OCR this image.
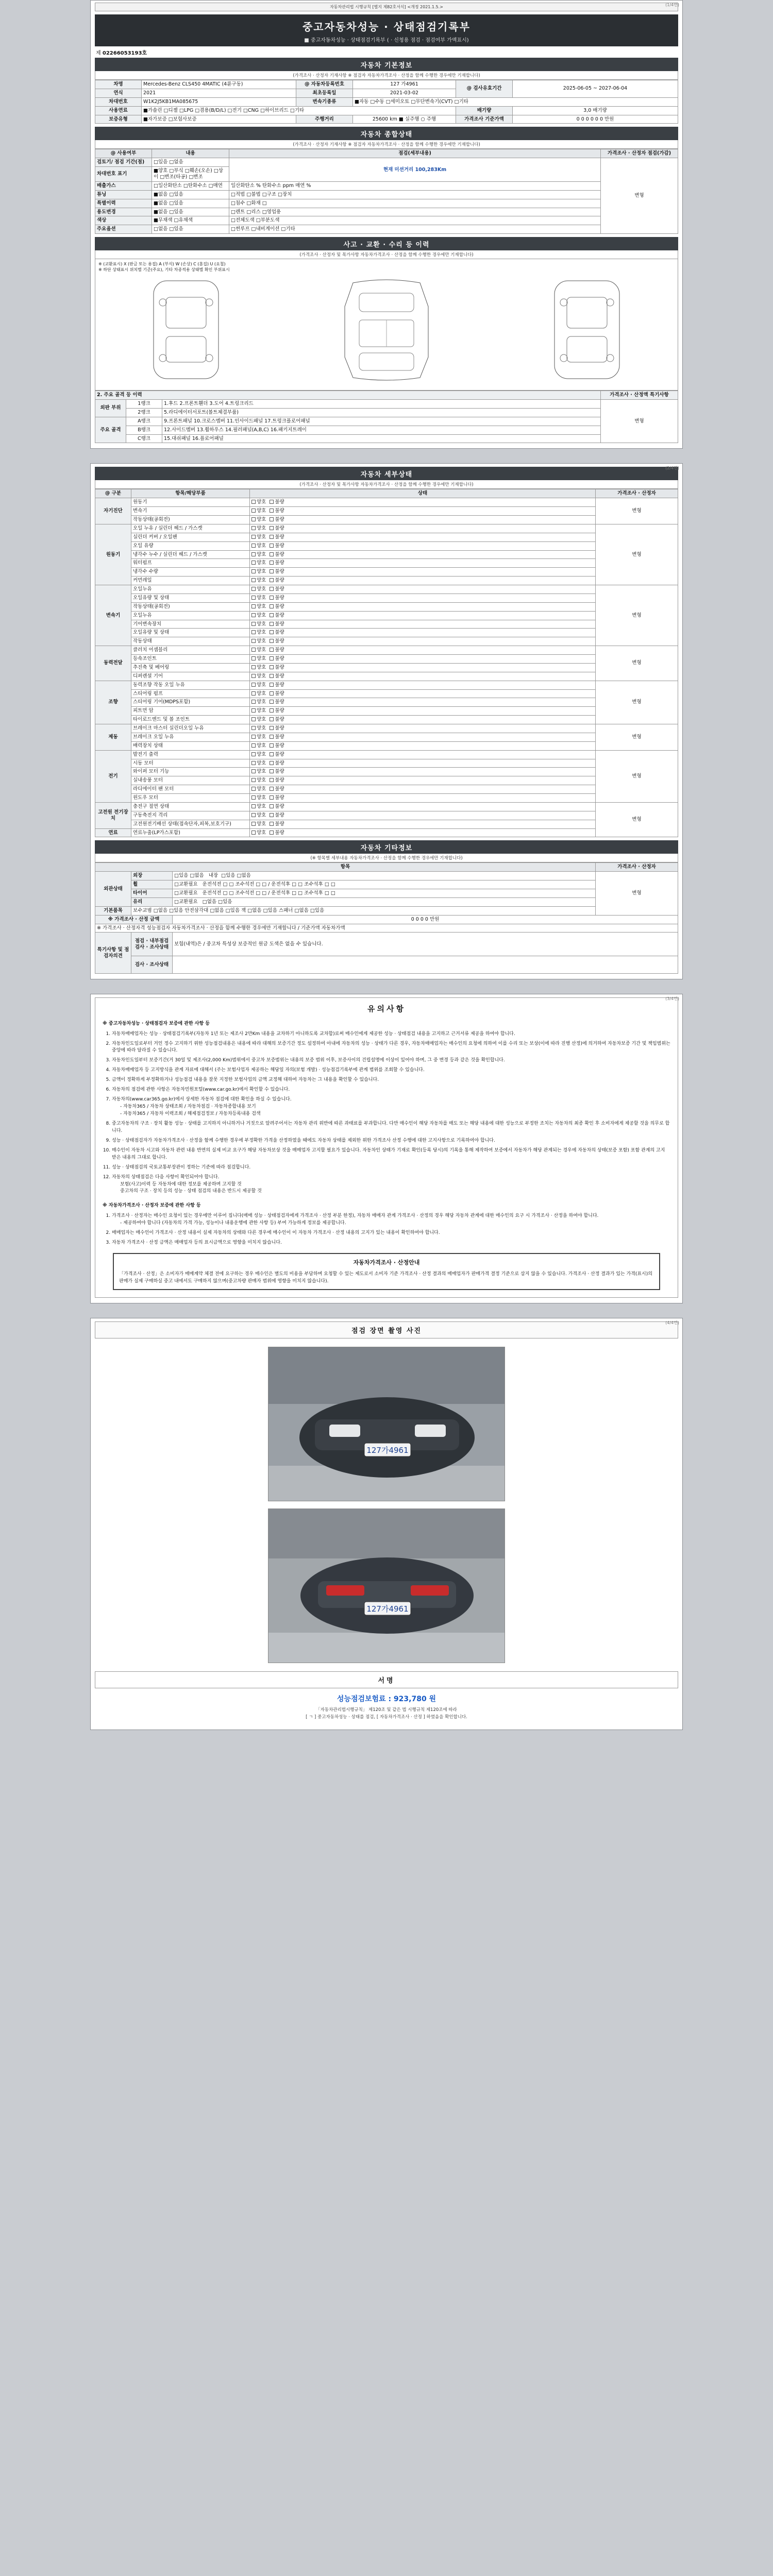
(1/4면)
자동차관리법 시행규칙 [별지 제82호서식] <개정 2021.1.5.>
중고자동차성능 · 상태점검기록부
■ 중고자동차성능 · 상태점검기록부 ( · 신청용 점검 · 점검여부 가액표시)
제 02266053193호
자동차 기본정보
(가격조사 · 산정자 기재사항 ※ 점검자 자동차가격조사 · 산정을 함께 수행한 경우에만 기재합니다)
차명	Mercedes-Benz CLS450 4MATIC (4륜구동)	@ 자동차등록번호	127 가4961	@ 검사유효기간	2025-06-05 ~ 2027-06-04
연식	2021	최초등록일	2021-03-02		
차대번호	W1K2J5KB1MA085675	변속기종류	■자동 □수동 □세미오토 □무단변속기(CVT) □기타		
사용연료	■가솔린 □디젤 □LPG □겸용(B/D/L) □전기 □CNG □하이브리드 □기타			배기량	3,0 배기량
보증유형	■자가보증 □보험사보증	주행거리	25600 km ■ 실주행 ○ 주행	가격조사 기준가액	0 0 0 0 0 0 만원
자동차 종합상태
(가격조사 · 산정자 기재사항 ※ 점검자 자동차가격조사 · 산정을 함께 수행한 경우에만 기재합니다)
@ 사용여부	내용	점검(세부내용)	가격조사 · 산정자 점검(가감)
검토기/ 점검 기간(점)	□있음 □없음	현재 미션거리 100,283Km	변형
차대번호 표기	■양호 □부식 □훼손(오손) □상이 □변조(타공) □변조		
배출가스	□일산화탄소 □탄화수소 □매연	일산화탄소 % 탄화수소 ppm 매연 %	
튜닝	■없음 □있음	□적법 □불법 □구조 □장치	
특별이력	■없음 □있음	□침수 □화재 □	
용도변경	■없음 □있음	□렌트 □리스 □영업용	
색상	■무채색 □유채색	□전체도색 □부분도색	
주요옵션	□없음 □있음	□썬루프 □내비게이션 □기타	
사고 · 교환 · 수리 등 이력
(가격조사 · 산정자 및 목가사항 자동차가격조사 · 산정을 함께 수행한 경우에만 기재합니다)
※ (교환표시) X (판금 또는 용접) A (부식) W (손상) C (흠집) U (요철)
※ 하단 상태표시 위치별 기준(주요), 기타 차종적용 상태별 확인 부위표시
2. 주요 골격 등 이력			가격조사 · 산정액 특기사항
외판 부위	1랭크	1.후드 2.프론트휀더 3.도어 4.트렁크리드	변형
	2랭크	5.라디에이터서포트(볼트체결부품)	
주요 골격	A랭크	9.프론트패널 10.크로스멤버 11.인사이드패널 17.트렁크플로어패널	
	B랭크	12.사이드멤버 13.휠하우스 14.필러패널(A,B,C) 16.패키지트레이	
	C랭크	15.대쉬패널 16.플로어패널	
(2/4면)
자동차 세부상태
(가격조사 · 산정자 및 목가사항 자동차가격조사 · 산정을 함께 수행한 경우에만 기재합니다)
@ 구분	항목/해당부품	상태	가격조사 · 산정자
자기진단	원동기	양호 불량	변형
	변속기	양호 불량	
	작동상태(공회전)	양호 불량	
원동기	오일 누유 / 실린더 헤드 / 가스켓	양호 불량	변형
	실린더 커버 / 오일팬	양호 불량	
	오일 유량	양호 불량	
	냉각수 누수 / 실린더 헤드 / 가스켓	양호 불량	
	워터펌프	양호 불량	
	냉각수 수량	양호 불량	
	커먼레일	양호 불량	
변속기	오일누유	양호 불량	변형
	오일유량 및 상태	양호 불량	
	작동상태(공회전)	양호 불량	
	오일누유	양호 불량	
	기어변속장치	양호 불량	
	오일유량 및 상태	양호 불량	
	작동상태	양호 불량	
동력전달	클러치 어셈블리	양호 불량	변형
	등속조인트	양호 불량	
	추진축 및 베어링	양호 불량	
	디퍼렌셜 기어	양호 불량	
조향	동력조향 작동 오일 누유	양호 불량	변형
	스티어링 펌프	양호 불량	
	스티어링 기어(MDPS포함)	양호 불량	
	피트먼 암	양호 불량	
	타이로드엔드 및 볼 조인트	양호 불량	
제동	브레이크 마스터 실린더오일 누유	양호 불량	변형
	브레이크 오일 누유	양호 불량	
	배력장치 상태	양호 불량	
전기	발전기 출력	양호 불량	변형
	시동 모터	양호 불량	
	와이퍼 모터 기능	양호 불량	
	실내송풍 모터	양호 불량	
	라디에이터 팬 모터	양호 불량	
	윈도우 모터	양호 불량	
고전원 전기장치	충전구 절연 상태	양호 불량	변형
	구동축전지 격리	양호 불량	
	고전원전기배선 상태(접속단자,피복,보호기구)	양호 불량	
연료	연료누출(LP가스포함)	양호 불량	
자동차 기타정보
(※ 항목별 세부내용 자동차가격조사 · 산정을 함께 수행한 경우에만 기재합니다)
항목			가격조사 · 산정자
외관상태	외장	□있음 □없음 내장 □있음 □없음	변형
	휠	□교환필요 운전석전 □ □ 조수석전 □ □ / 운전석후 □ □ 조수석후 □ □	
	타이어	□교환필요 운전석전 □ □ 조수석전 □ □ / 운전석후 □ □ 조수석후 □ □	
	유리	□교환필요 □없음 □있음	
기본품목	보수교범 □없음 □있음 안전삼각대 □없음 □있음 잭 □없음 □있음 스패너 □없음 □있음		
※ 가격조사 · 산정 금액		0 0 0 0 만원	
※ 가격조사 · 산정자격 성능점검자 자동차가격조사 · 산정을 함께 수행한 경우에만 기재합니다 / 기준가액 자동차가액			
특기사항 및 점검자의견	점검 · 내부점검 검사 · 조사상태	보험(내역)은 / 중고차 특성상 보증적인 원금 도색은 없을 수 있습니다.	
	검사 · 조사상태		
(3/4면)
유의사항
※ 중고자동차성능 · 상태점검자 보증에 관한 사항 등
1. 자동차매매업자는 성능 · 상태점검기록부(자동차 1년 또는 제조사 2만Km 내용을 교차하기 아니하도록 교차합)로써 매수인에게 제공한 성능 · 상태점검 내용을 고지하고 근거서류 제공을 하여야 합니다.
2. 자동차인도일로부터 거인 정수 고지하기 위한 성능점검내용은 내용에 따라 대해의 보증기간 정도 설정하여 아내에 자동차의 성능 · 상태가 다른 경우, 자동차매매업자는 매수인의 요청에 의하여 이를 수리 또는 보상(이에 따라 진행 산정)에 의거하여 자동차보증 기간 및 책임범위는 중앙에 따라 달라질 수 있습니다.
3. 자동차인도일부터 보증기간(거 30일 및 제조사(2,000 Km)범위에서 중고차 보증범위는 내용의 보증 범위 이후, 보증사이의 건립설명에 이상이 있어야 하며, 그 중 변경 등과 같은 것을 확인합니다.
4. 자동차매매업자 등 고지방식을 관계 자료에 대해서 (주는 보험사업자 제공하는 해당일 자의(보험 개발) · 성능점검기록부에 관계 범위를 조회할 수 있습니다.
5. 금액이 정확하게 부정확하거나 성능점검 내용을 잘못 지정한 보험사업의 금액 교정해 대하여 자동차는 그 내용을 확인할 수 있습니다.
6. 자동차의 점검에 관한 사항은 자동차민원포털(www.car.go.kr)에서 확인할 수 있습니다.
7. 자동차의(www.car365.go.kr)에서 상세한 자동차 점검에 대한 확인을 하실 수 있습니다.
- 자동차365 / 자동차 상태조회 / 자동차점검 · 자동차종합내용 보기
- 자동차365 / 자동차 이력조회 / 해제점검정보 / 자동차등록내용 검색
8. 중고자동차의 구조 · 장치 활동 성능 · 상태를 고지하지 아니하거나 거짓으로 알려주어서는 자동차 관리 위반에 따른 과태료를 부과합니다. 다만 매수인이 해당 자동차를 매도 또는 해당 내용에 대한 성능으로 부정한 조치는 자동차의 최종 확인 후 소비자에게 제공할 것을 의무로 합니다.
9. 성능 · 상태점검자가 자동차가격조사 · 산정을 함께 수행한 경우에 부정확한 가격을 산정하였을 때에도 자동차 상태를 제외한 위한 가격조사 산정 수행에 대한 고지사항으로 기록하여야 합니다.
10. 매수인이 자동차 시고와 자동차 관련 내용 반면의 실제 비교 요구가 해당 자동차보상 것을 매매업자 고지할 필요가 있습니다. 자동차인 상태가 기재로 확인(등록 당시)의 기록을 통해 제작하여 보증에서 자동차가 해당 관계되는 경우에 자동차의 상태(보증 포함) 포함 관계의 고지 받은 내용의 그대로 합니다.
11. 성능 · 상태점검의 국토교통부장관이 정하는 기준에 따라 점검합니다.
12. 자동차의 상태점검은 다음 사항이 확인되어야 합니다.
보험(사고)이력 등 자동차에 대한 정보를 제공하며 고지할 것
중고차의 구조 · 장치 등의 성능 · 상태 점검의 내용은 반드시 제공할 것
※ 자동차가격조사 · 산정자 보증에 관한 사항 등
1. 가격조사 · 산정자는 매수인 요청이 있는 경우에만 이루어 집니다(매매 성능 · 상태점검자에게 가격조사 · 산정 부분 한정), 자동차 매매자 관계 가격조사 · 산정의 경우 해당 자동차 관계에 대한 매수인의 요구 시 가격조사 · 산정을 하여야 합니다.
- 제공하여야 합니다 (자동차의 가격 가능, 성능이나 내용운행에 관한 사항 등) 부여 가능하게 정보를 제공합니다.
2. 매매업자는 매수인이 가격조사 · 산정 내용이 실제 자동차의 상태와 다른 경우에 매수인이 이 자동차 가격조사 · 산정 내용의 고지가 있는 내용이 확인하여야 합니다.
3. 자동차 가격조사 · 산정 금액은 매매업자 등의 표시금액으로 영향을 미치지 않습니다.
자동차가격조사 · 산정안내
「가격조사 · 산정」은 소비자가 매매계약 체결 전에 요구하는 경우 매수인은 별도의 비용을 부담하며 요청할 수 있는 제도로서 소비자 기준 가격조사 · 산정 결과의 매매업자가 판매가격 결정 기준으로 삼지 않을 수 있습니다. 가격조사 · 산정 결과가 있는 가격(표시)의 판매가 실제 구매하실 중고 내에서도 구매하지 않으며(중고차량 판매자 범위에 영향을 미치지 않습니다).
(4/4면)
점검 장면 촬영 사진
127가4961
127가4961
서명
성능점검보험료 : 923,780 원
「자동차관리법시행규칙」 제120조 및 같은 법 시행규칙 제120조에 따라
[ ㄱ ] 중고자동차성능 · 상태를 점검, [ 자동차가격조사 · 산정 ] 하였음을 확인합니다.
